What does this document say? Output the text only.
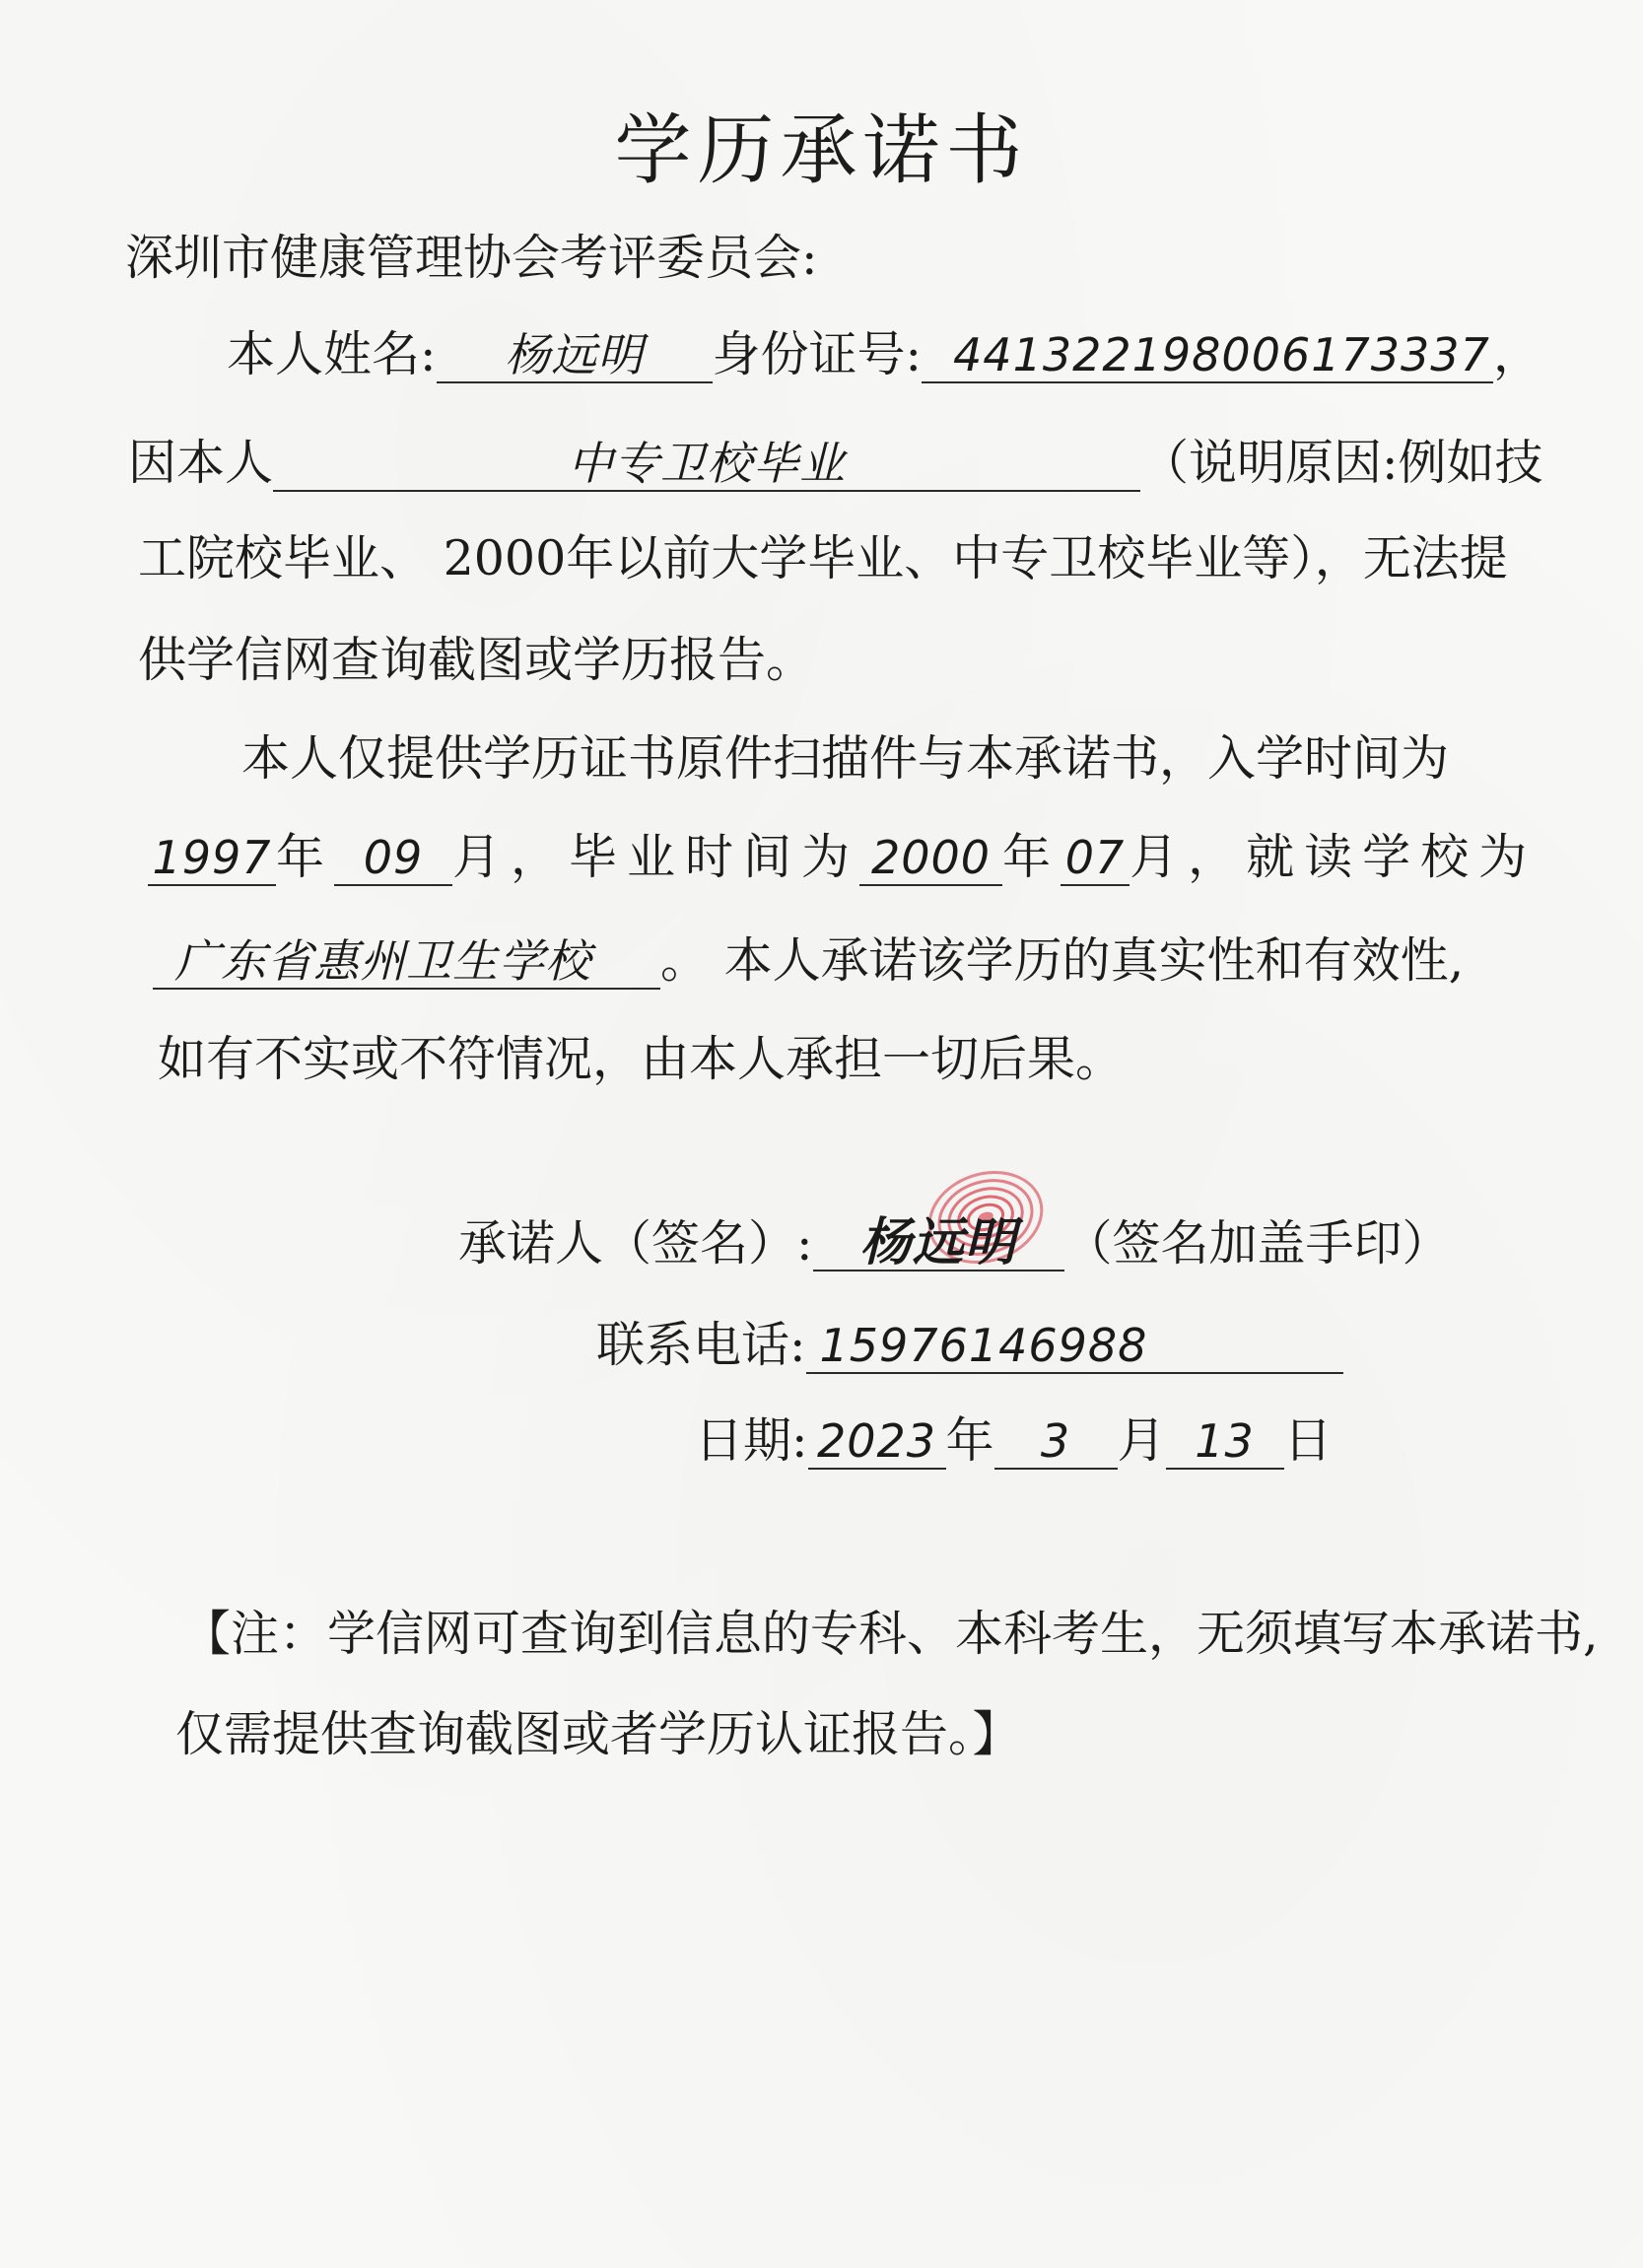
学历承诺书
深圳市健康管理协会考评委员会:
本人姓名: 杨远明 身份证号: 441322198006173337，
因本人	中专卫校毕业	（说明原因:例如技
工院校毕业、 2000年以前大学毕业、中专卫校毕业等），无法提
供学信网查询截图或学历报告。
本人仅提供学历证书原件扫描件与本承诺书，入学时间为
1997年 09 月，毕业时间为 2000 年 07月，就读学校为
广东省惠州卫生学校 。 本人承诺该学历的真实性和有效性,
如有不实或不符情况，由本人承担一切后果。
承诺人（签名）: 杨远明 （签名加盖手印）
联系电话: 15976146988
日期: 2023 年 3 月 13 日
【注：学信网可查询到信息的专科、本科考生，无须填写本承诺书,
仅需提供查询截图或者学历认证报告。】
